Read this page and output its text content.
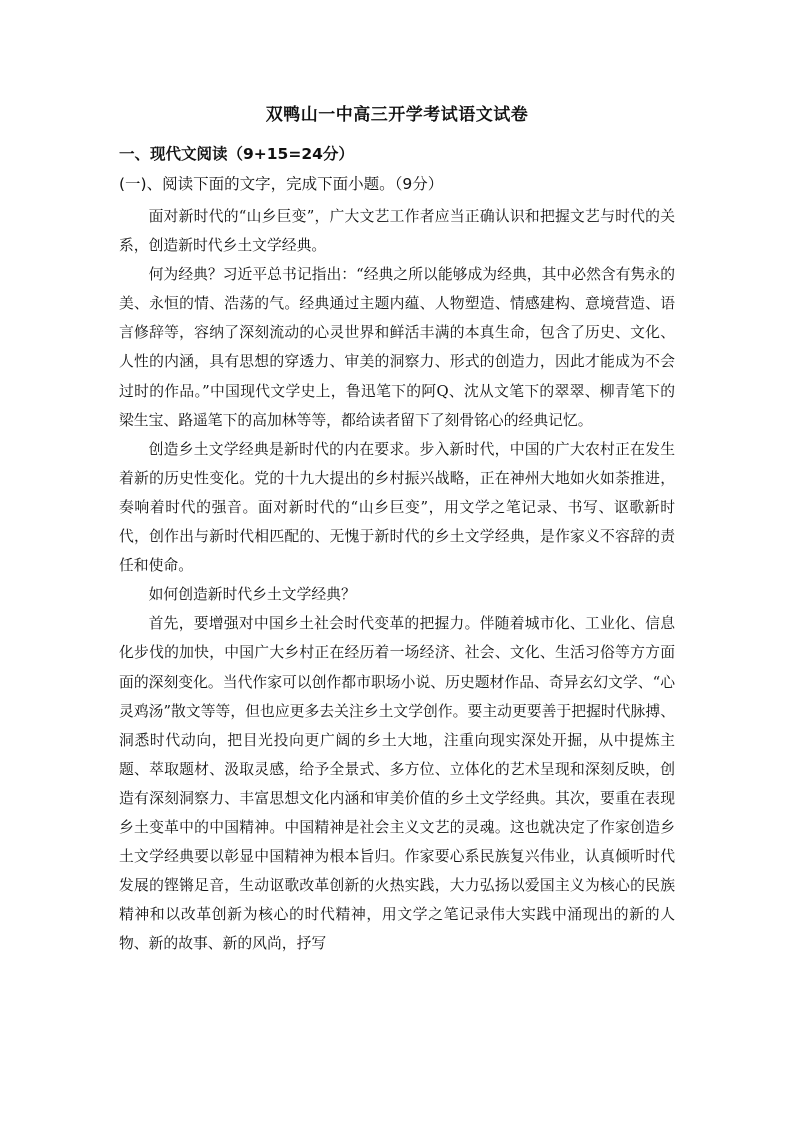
双鸭山一中高三开学考试语文试卷
一、现代文阅读（9+15=24分）
(一)、阅读下面的文字，完成下面小题。（9分）

面对新时代的“山乡巨变”，广大文艺工作者应当正确认识和把握文艺与时代的关系，创造新时代乡土文学经典。

何为经典？习近平总书记指出：“经典之所以能够成为经典，其中必然含有隽永的美、永恒的情、浩荡的气。经典通过主题内蕴、人物塑造、情感建构、意境营造、语言修辞等，容纳了深刻流动的心灵世界和鲜活丰满的本真生命，包含了历史、文化、人性的内涵，具有思想的穿透力、审美的洞察力、形式的创造力，因此才能成为不会过时的作品。”中国现代文学史上，鲁迅笔下的阿Q、沈从文笔下的翠翠、柳青笔下的梁生宝、路遥笔下的高加林等等，都给读者留下了刻骨铭心的经典记忆。

创造乡土文学经典是新时代的内在要求。步入新时代，中国的广大农村正在发生着新的历史性变化。党的十九大提出的乡村振兴战略，正在神州大地如火如荼推进，奏响着时代的强音。面对新时代的“山乡巨变”，用文学之笔记录、书写、讴歌新时代，创作出与新时代相匹配的、无愧于新时代的乡土文学经典，是作家义不容辞的责任和使命。

如何创造新时代乡土文学经典？

首先，要增强对中国乡土社会时代变革的把握力。伴随着城市化、工业化、信息化步伐的加快，中国广大乡村正在经历着一场经济、社会、文化、生活习俗等方方面面的深刻变化。当代作家可以创作都市职场小说、历史题材作品、奇异玄幻文学、“心灵鸡汤”散文等等，但也应更多去关注乡土文学创作。要主动更要善于把握时代脉搏、洞悉时代动向，把目光投向更广阔的乡土大地，注重向现实深处开掘，从中提炼主题、萃取题材、汲取灵感，给予全景式、多方位、立体化的艺术呈现和深刻反映，创造有深刻洞察力、丰富思想文化内涵和审美价值的乡土文学经典。其次，要重在表现乡土变革中的中国精神。中国精神是社会主义文艺的灵魂。这也就决定了作家创造乡土文学经典要以彰显中国精神为根本旨归。作家要心系民族复兴伟业，认真倾听时代发展的铿锵足音，生动讴歌改革创新的火热实践，大力弘扬以爱国主义为核心的民族精神和以改革创新为核心的时代精神，用文学之笔记录伟大实践中涌现出的新的人物、新的故事、新的风尚，抒写
